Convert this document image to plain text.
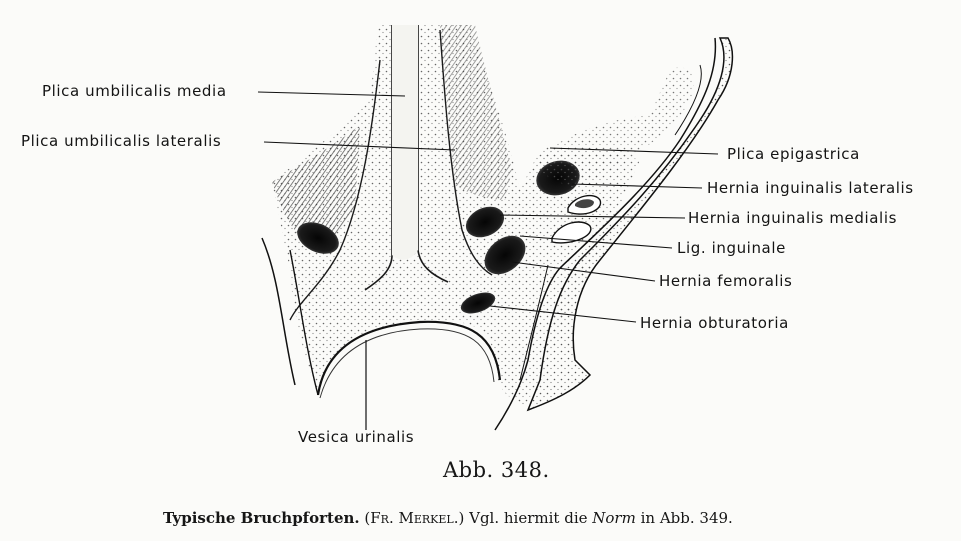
Plica umbilicalis media
Plica umbilicalis lateralis
Plica epigastrica
Hernia inguinalis lateralis
Hernia inguinalis medialis
Lig. inguinale
Hernia femoralis
Hernia obturatoria
Vesica urinalis
Abb. 348.
Typische Bruchpforten. (Fr. Merkel.) Vgl. hiermit die Norm in Abb. 349.
